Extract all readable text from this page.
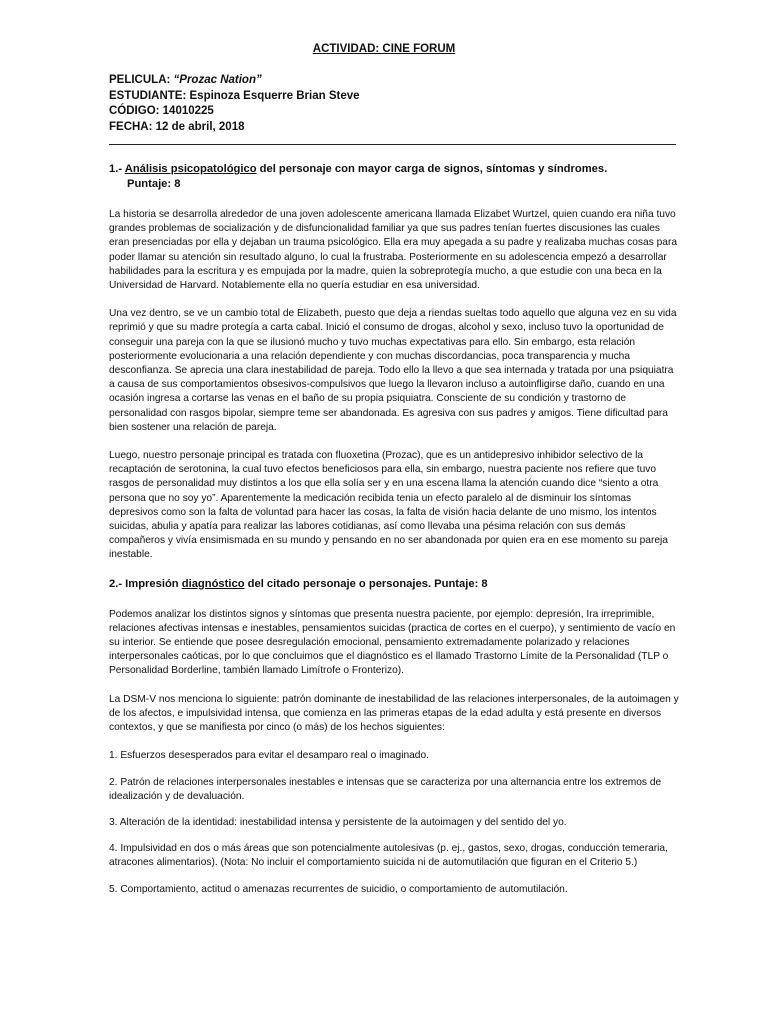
ACTIVIDAD: CINE FORUM
PELICULA: “Prozac Nation”
ESTUDIANTE: Espinoza Esquerre Brian Steve
CÓDIGO: 14010225
FECHA: 12 de abril, 2018
1.- Análisis psicopatológico del personaje con mayor carga de signos, síntomas y síndromes.
Puntaje: 8

La historia se desarrolla alrededor de una joven adolescente americana llamada Elizabet Wurtzel, quien cuando era niña tuvo grandes problemas de socialización y de disfuncionalidad familiar ya que sus padres tenían fuertes discusiones las cuales eran presenciadas por ella y dejaban un trauma psicológico. Ella era muy apegada a su padre y realizaba muchas cosas para poder llamar su atención sin resultado alguno, lo cual la frustraba. Posteriormente en su adolescencia empezó a desarrollar habilidades para la escritura y es empujada por la madre, quien la sobreprotegía mucho, a que estudie con una beca en la Universidad de Harvard. Notablemente ella no quería estudiar en esa universidad.

Una vez dentro, se ve un cambio total de Elizabeth, puesto que deja a riendas sueltas todo aquello que alguna vez en su vida reprimió y que su madre protegía a carta cabal. Inició el consumo de drogas, alcohol y sexo, incluso tuvo la oportunidad de conseguir una pareja con la que se ilusionó mucho y tuvo muchas expectativas para ello. Sin embargo, esta relación posteriormente evolucionaria a una relación dependiente y con muchas discordancias, poca transparencia y mucha desconfianza. Se aprecia una clara inestabilidad de pareja. Todo ello la llevo a que sea internada y tratada por una psiquiatra a causa de sus comportamientos obsesivos-compulsivos que luego la llevaron incluso a autoinfligirse daño, cuando en una ocasión ingresa a cortarse las venas en el baño de su propia psiquiatra. Consciente de su condición y trastorno de personalidad con rasgos bipolar, siempre teme ser abandonada. Es agresiva con sus padres y amigos. Tiene dificultad para bien sostener una relación de pareja.

Luego, nuestro personaje principal es tratada con fluoxetina (Prozac), que es un antidepresivo inhibidor selectivo de la recaptación de serotonina, la cual tuvo efectos beneficiosos para ella, sin embargo, nuestra paciente nos refiere que tuvo rasgos de personalidad muy distintos a los que ella solía ser y en una escena llama la atención cuando dice “siento a otra persona que no soy yo”. Aparentemente la medicación recibida tenia un efecto paralelo al de disminuir los síntomas depresivos como son la falta de voluntad para hacer las cosas, la falta de visión hacia delante de uno mismo, los intentos suicidas, abulia y apatía para realizar las labores cotidianas, así como llevaba una pésima relación con sus demás compañeros y vivía ensimismada en su mundo y pensando en no ser abandonada por quien era en ese momento su pareja inestable.

2.- Impresión diagnóstico del citado personaje o personajes. Puntaje: 8

Podemos analizar los distintos signos y síntomas que presenta nuestra paciente, por ejemplo: depresión, Ira irreprimible, relaciones afectivas intensas e inestables, pensamientos suicidas (practica de cortes en el cuerpo), y sentimiento de vacío en su interior. Se entiende que posee desregulación emocional, pensamiento extremadamente polarizado y relaciones interpersonales caóticas, por lo que concluimos que el diagnóstico es el llamado Trastorno Límite de la Personalidad (TLP o Personalidad Borderline, también llamado Limítrofe o Fronterizo).

La DSM-V nos menciona lo siguiente: patrón dominante de inestabilidad de las relaciones interpersonales, de la autoimagen y de los afectos, e impulsividad intensa, que comienza en las primeras etapas de la edad adulta y está presente en diversos contextos, y que se manifiesta por cinco (o más) de los hechos siguientes:

1. Esfuerzos desesperados para evitar el desamparo real o imaginado.

2. Patrón de relaciones interpersonales inestables e intensas que se caracteriza por una alternancia entre los extremos de idealización y de devaluación.

3. Alteración de la identidad: inestabilidad intensa y persistente de la autoimagen y del sentido del yo.

4. Impulsividad en dos o más áreas que son potencialmente autolesivas (p. ej., gastos, sexo, drogas, conducción temeraria, atracones alimentarios). (Nota: No incluir el comportamiento suicida ni de automutilación que figuran en el Criterio 5.)

5. Comportamiento, actitud o amenazas recurrentes de suicidio, o comportamiento de automutilación.
